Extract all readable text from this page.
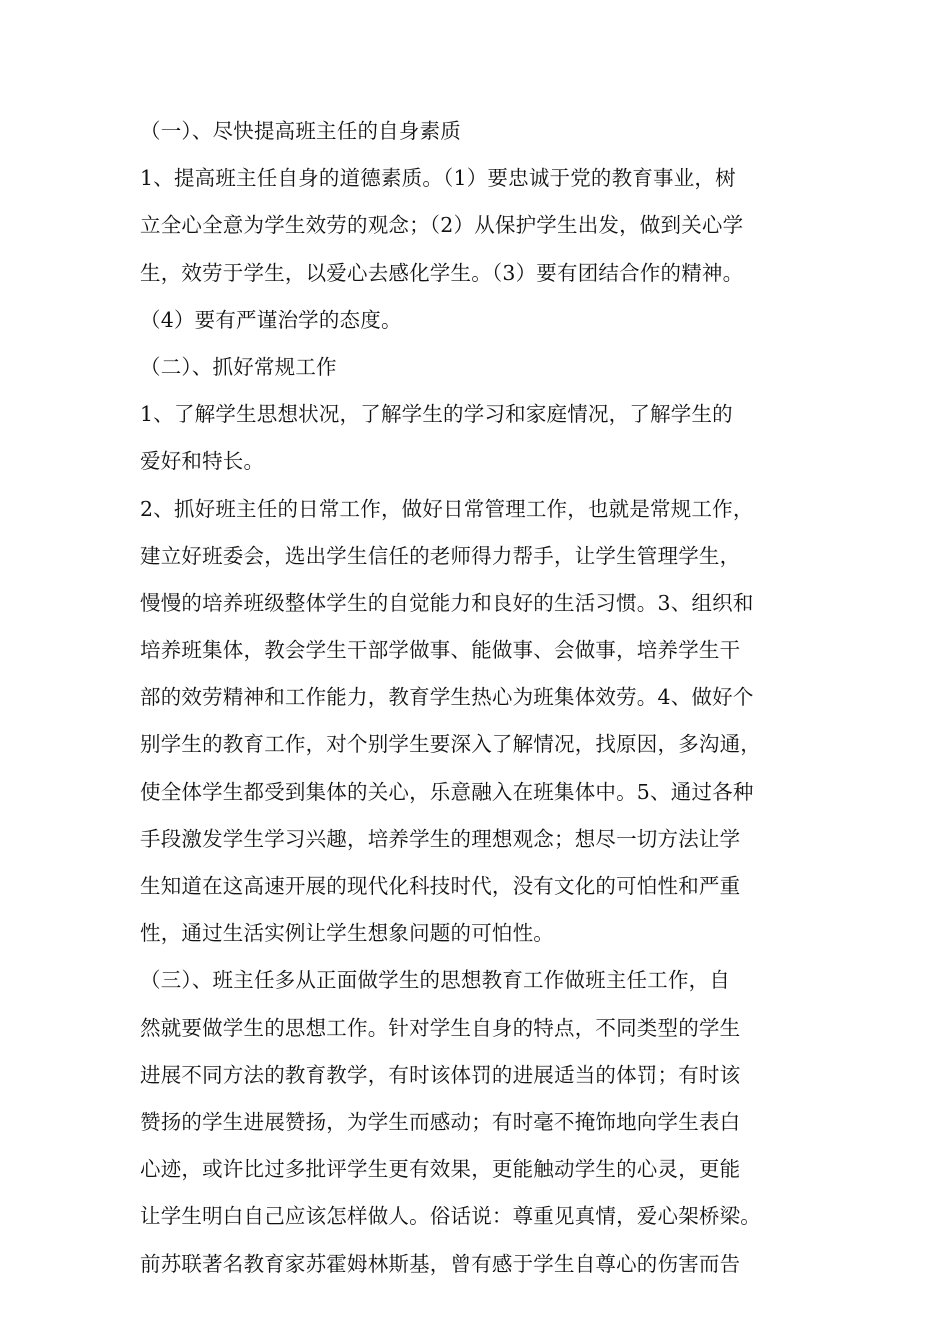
（一）、尽快提高班主任的自身素质
1、提高班主任自身的道德素质。（1）要忠诚于党的教育事业，树
立全心全意为学生效劳的观念；（2）从保护学生出发，做到关心学
生，效劳于学生，以爱心去感化学生。（3）要有团结合作的精神。
（4）要有严谨治学的态度。
（二）、抓好常规工作
1、了解学生思想状况，了解学生的学习和家庭情况，了解学生的
爱好和特长。
2、抓好班主任的日常工作，做好日常管理工作，也就是常规工作，
建立好班委会，选出学生信任的老师得力帮手，让学生管理学生，
慢慢的培养班级整体学生的自觉能力和良好的生活习惯。3、组织和
培养班集体，教会学生干部学做事、能做事、会做事，培养学生干
部的效劳精神和工作能力，教育学生热心为班集体效劳。4、做好个
别学生的教育工作，对个别学生要深入了解情况，找原因，多沟通，
使全体学生都受到集体的关心，乐意融入在班集体中。5、通过各种
手段激发学生学习兴趣，培养学生的理想观念；想尽一切方法让学
生知道在这高速开展的现代化科技时代，没有文化的可怕性和严重
性，通过生活实例让学生想象问题的可怕性。
（三）、班主任多从正面做学生的思想教育工作做班主任工作，自
然就要做学生的思想工作。针对学生自身的特点，不同类型的学生
进展不同方法的教育教学，有时该体罚的进展适当的体罚；有时该
赞扬的学生进展赞扬，为学生而感动；有时毫不掩饰地向学生表白
心迹，或许比过多批评学生更有效果，更能触动学生的心灵，更能
让学生明白自己应该怎样做人。俗话说：尊重见真情，爱心架桥梁。
前苏联著名教育家苏霍姆林斯基，曾有感于学生自尊心的伤害而告
